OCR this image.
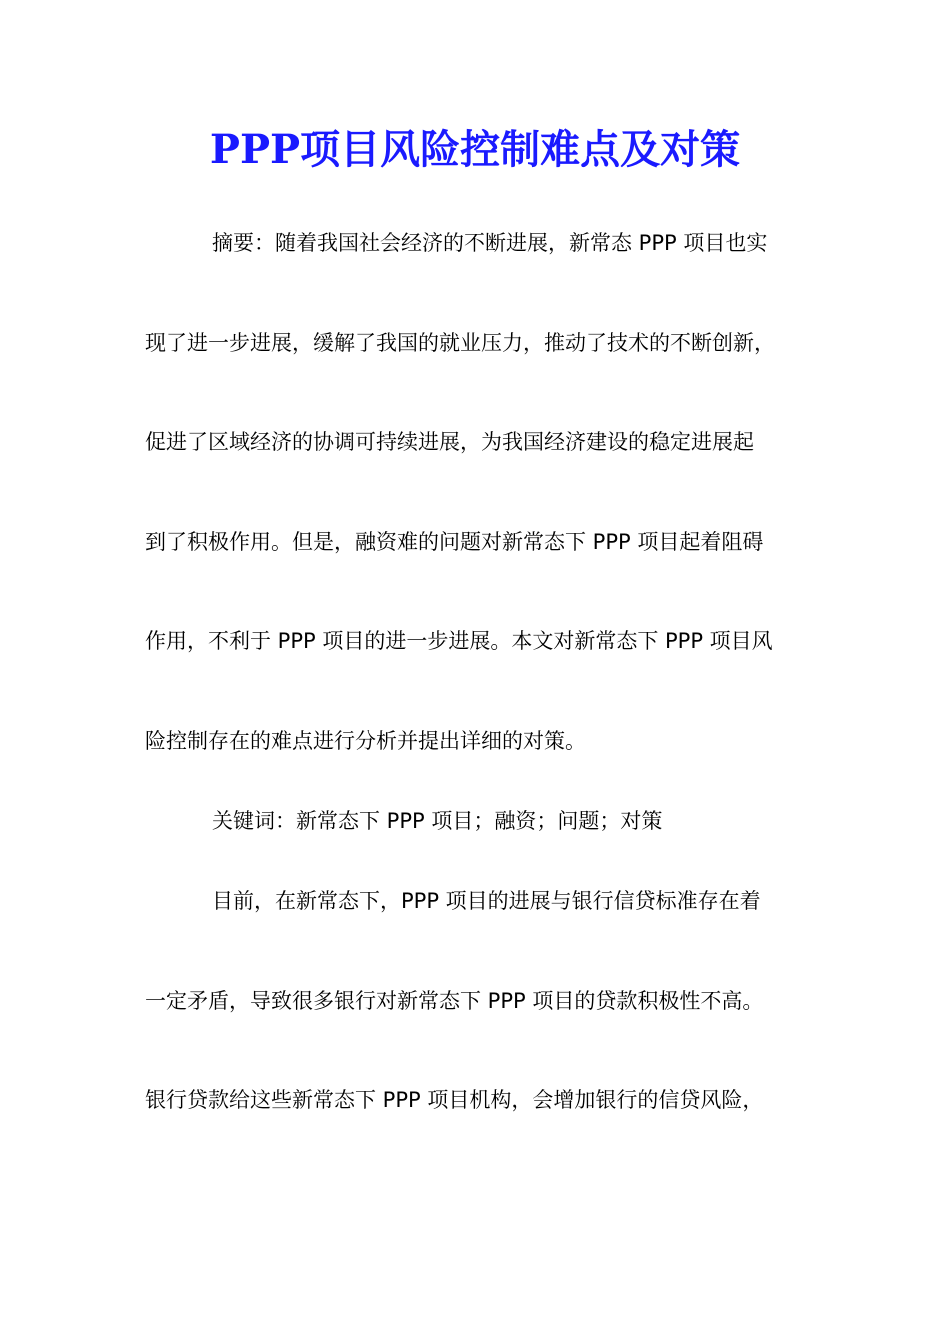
PPP项目风险控制难点及对策
摘要：随着我国社会经济的不断进展，新常态 PPP 项目也实
现了进一步进展，缓解了我国的就业压力，推动了技术的不断创新，
促进了区域经济的协调可持续进展，为我国经济建设的稳定进展起
到了积极作用。但是，融资难的问题对新常态下 PPP 项目起着阻碍
作用，不利于 PPP 项目的进一步进展。本文对新常态下 PPP 项目风
险控制存在的难点进行分析并提出详细的对策。
关键词：新常态下 PPP 项目；融资；问题；对策
目前，在新常态下，PPP 项目的进展与银行信贷标准存在着
一定矛盾，导致很多银行对新常态下 PPP 项目的贷款积极性不高。
银行贷款给这些新常态下 PPP 项目机构，会增加银行的信贷风险，
